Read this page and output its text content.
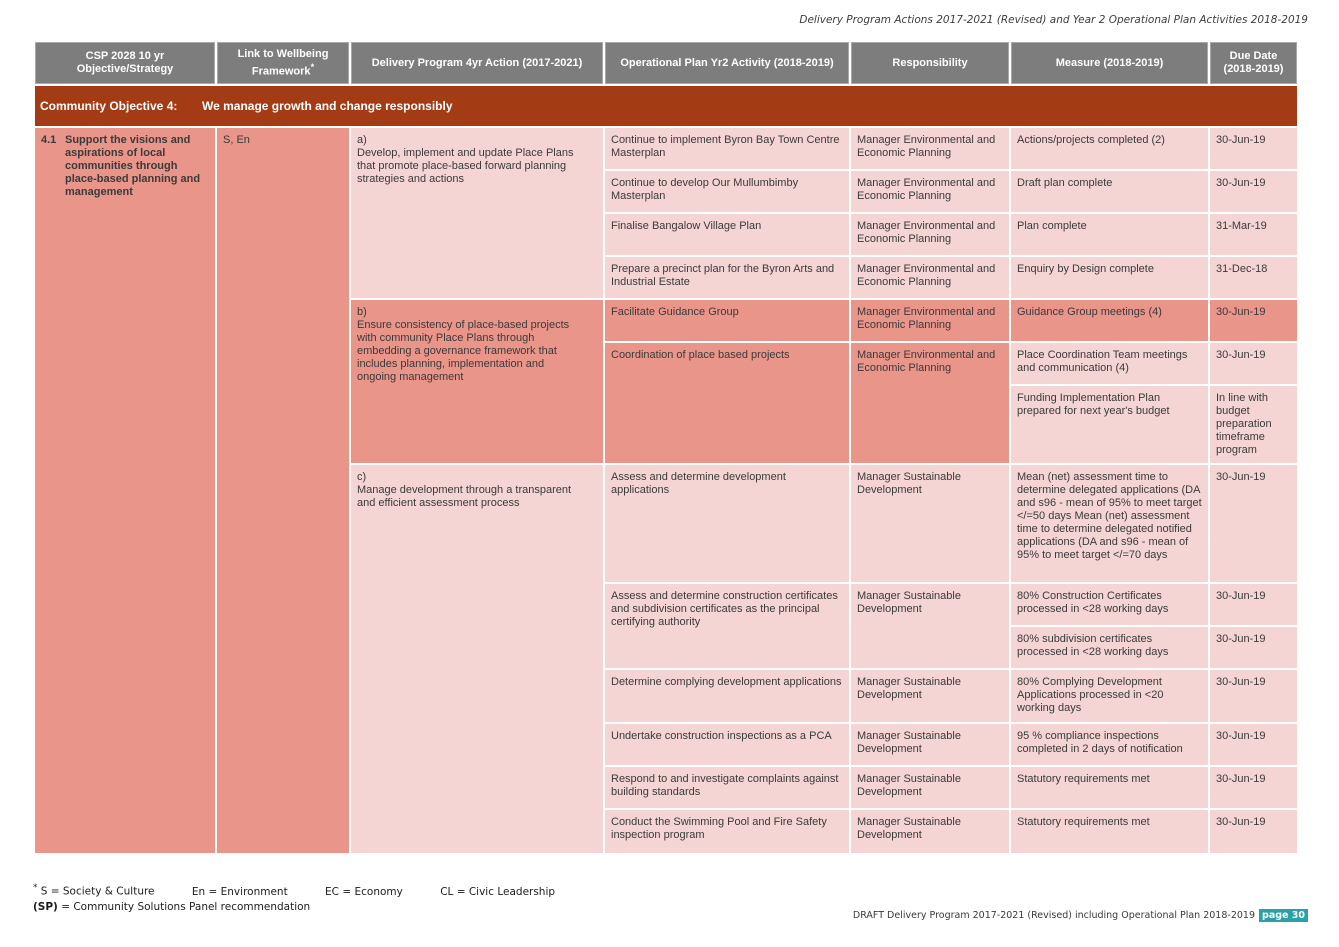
Delivery Program Actions 2017-2021 (Revised) and Year 2 Operational Plan Activities 2018-2019
CSP 2028 10 yr Objective/Strategy	Link to Wellbeing Framework*	Delivery Program 4yr Action (2017-2021)	Operational Plan Yr2 Activity (2018-2019)	Responsibility	Measure (2018-2019)	Due Date (2018-2019)

Community Objective 4: We manage growth and change responsibly						
4.1 Support the visions and aspirations of local communities through place-based planning and management	S, En	a)Develop, implement and update Place Plans that promote place-based forward planning strategies and actions	Continue to implement Byron Bay Town Centre Masterplan	Manager Environmental and Economic Planning	Actions/projects completed (2)	30-Jun-19
			Continue to develop Our Mullumbimby Masterplan	Manager Environmental and Economic Planning	Draft plan complete	30-Jun-19
			Finalise Bangalow Village Plan	Manager Environmental and Economic Planning	Plan complete	31-Mar-19
			Prepare a precinct plan for the Byron Arts and Industrial Estate	Manager Environmental and Economic Planning	Enquiry by Design complete	31-Dec-18
		b)Ensure consistency of place-based projects with community Place Plans through embedding a governance framework that includes planning, implementation and ongoing management	Facilitate Guidance Group	Manager Environmental and Economic Planning	Guidance Group meetings (4)	30-Jun-19
			Coordination of place based projects	Manager Environmental and Economic Planning	Place Coordination Team meetings and communication (4)	30-Jun-19
					Funding Implementation Plan prepared for next year's budget	In line with budget preparation timeframe program
		c)Manage development through a transparent and efficient assessment process	Assess and determine development applications	Manager Sustainable Development	Mean (net) assessment time to determine delegated applications (DA and s96 - mean of 95% to meet target </=50 days Mean (net) assessment time to determine delegated notified applications (DA and s96 - mean of 95% to meet target </=70 days	30-Jun-19
			Assess and determine construction certificates and subdivision certificates as the principal certifying authority	Manager Sustainable Development	80% Construction Certificates processed in <28 working days	30-Jun-19
					80% subdivision certificates processed in <28 working days	30-Jun-19
			Determine complying development applications	Manager Sustainable Development	80% Complying Development Applications processed in <20 working days	30-Jun-19
			Undertake construction inspections as a PCA	Manager Sustainable Development	95 % compliance inspections completed in 2 days of notification	30-Jun-19
			Respond to and investigate complaints against building standards	Manager Sustainable Development	Statutory requirements met	30-Jun-19
			Conduct the Swimming Pool and Fire Safety inspection program	Manager Sustainable Development	Statutory requirements met	30-Jun-19
* S = Society & Culture	En = Environment	EC = Economy	CL = Civic Leadership
(SP) = Community Solutions Panel recommendation
DRAFT Delivery Program 2017-2021 (Revised) including Operational Plan 2018-2019 page 30
